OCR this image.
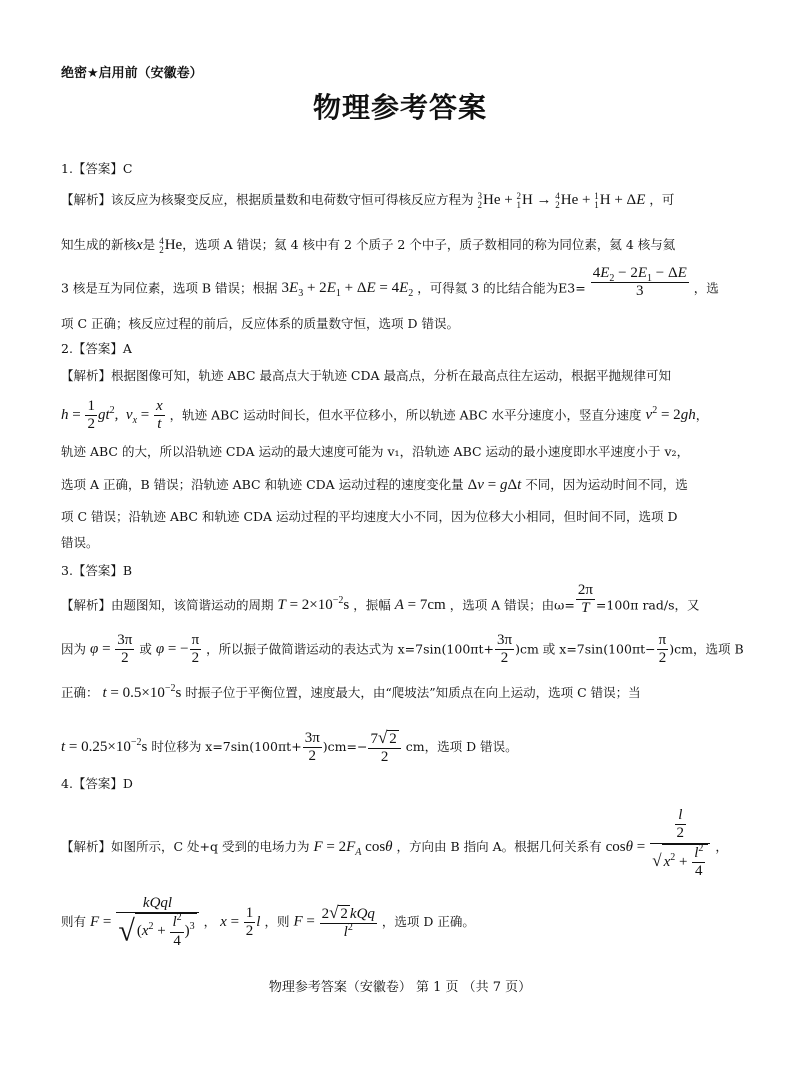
绝密★启用前（安徽卷）
物理参考答案
1.【答案】C
【解析】该反应为核聚变反应，根据质量数和电荷数守恒可得核反应方程为 3
2 He + 2
1 H → 4
2 He + 1
1 H + ΔE ，可
知生成的新核x是 4
2 He，选项 A 错误；氦 4 核中有 2 个质子 2 个中子，质子数相同的称为同位素，氦 4 核与氦
3 核是互为同位素，选项 B 错误；根据 $3E_3 + 2E_1 + \Delta E = 4E_2$ ，可得氦 3 的比结合能为$E3= \frac{4E_2 - 2E_1 - \Delta E}{3}$ ，选
项 C 正确；核反应过程的前后，反应体系的质量数守恒，选项 D 错误。
2.【答案】A
【解析】根据图像可知，轨迹 ABC 最高点大于轨迹 CDA 最高点，分析在最高点往左运动，根据平抛规律可知
$h = \frac{1}{2} gt^2$,  $v_x = \frac{x}{t}$ ，轨迹 ABC 运动时间长，但水平位移小，所以轨迹 ABC 水平分速度小，竖直分速度 $v^2 = 2gh$，
轨迹 ABC 的大，所以沿轨迹 CDA 运动的最大速度可能为 v₁，沿轨迹 ABC 运动的最小速度即水平速度小于 v₂，
选项 A 正确，B 错误；沿轨迹 ABC 和轨迹 CDA 运动过程的速度变化量 Δv = gΔt 不同，因为运动时间不同，选
项 C 错误；沿轨迹 ABC 和轨迹 CDA 运动过程的平均速度大小不同，因为位移大小相同，但时间不同，选项 D
错误。
3.【答案】B
【解析】由题图知，该简谐运动的周期 $T = 2\times 10^{-2}s$ ，振幅 A = 7cm ，选项 A 错误；由$\omega= \frac{2\pi}{T} =100\pi$ rad/s，又
因为 $\varphi = \frac{3\pi}{2}$ 或 φ = − $\frac{\pi}{2}$ ，所以振子做简谐运动的表达式为 $x=7\sin(100\pi t+ \frac{3\pi}{2} )cm$ 或 $x=7\sin(100\pi t- \frac{\pi}{2} )cm$，选项 B
正确： $t = 0.5\times 10^{-2}s$ 时振子位于平衡位置，速度最大，由“爬坡法”知质点在向上运动，选项 C 错误；当
$t = 0.25\times 10^{-2}s$ 时位移为 $x=7\sin(100\pi t+ \frac{3\pi}{2} )cm=- \frac{7√ 2}{2}$ cm，选项 D 错误。
4.【答案】D
【解析】如图所示，C 处+q 受到的电场力为 $F = 2F_A$ cosθ ，方向由 B 指向 A。根据几何关系有 $\cos\theta = \frac{\frac{l}{2}}{√ x^2 + \frac{l^2}{4}}$ ，
则有 $F = \frac{\text{kQql}}{√ (x^2 + \frac{l^2}{4} )^3}$ ， $x = \frac{1}{2}$ l ，则 $F = \frac{\text{2√ 2 kQq}}{l^2}$ ，选项 D 正确。
物理参考答案（安徽卷） 第 1 页 （共 7 页）
